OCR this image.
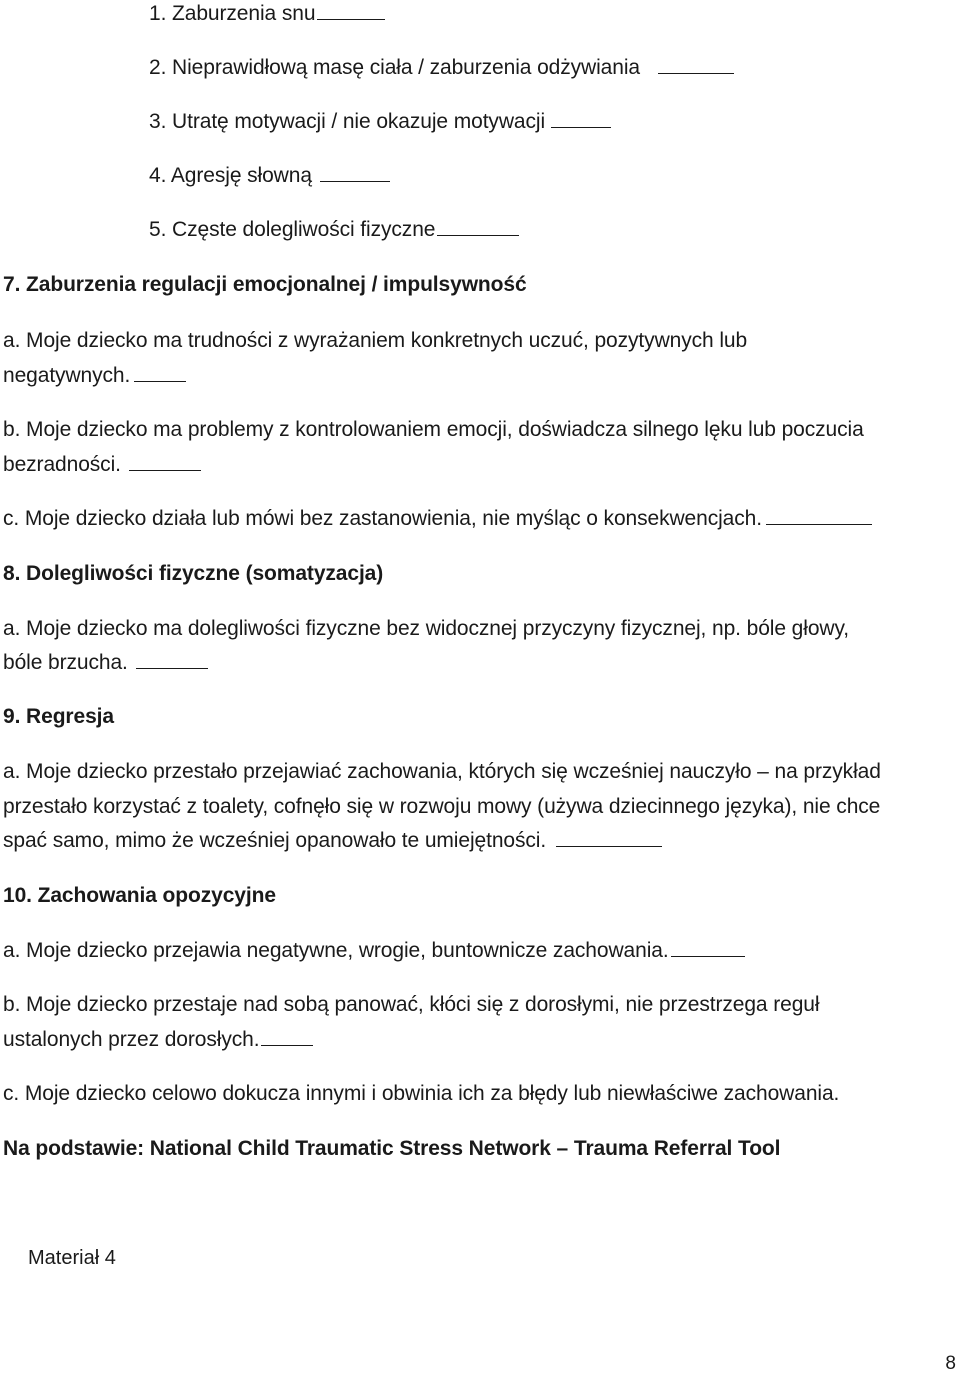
1. Zaburzenia snu
2. Nieprawidłową masę ciała / zaburzenia odżywiania
3. Utratę motywacji / nie okazuje motywacji
4. Agresję słowną
5. Częste dolegliwości fizyczne
7. Zaburzenia regulacji emocjonalnej / impulsywność
a. Moje dziecko ma trudności z wyrażaniem konkretnych uczuć, pozytywnych lub
negatywnych.
b. Moje dziecko ma problemy z kontrolowaniem emocji, doświadcza silnego lęku lub poczucia
bezradności.
c. Moje dziecko działa lub mówi bez zastanowienia, nie myśląc o konsekwencjach.
8. Dolegliwości fizyczne (somatyzacja)
a. Moje dziecko ma dolegliwości fizyczne bez widocznej przyczyny fizycznej, np. bóle głowy,
bóle brzucha.
9. Regresja
a. Moje dziecko przestało przejawiać zachowania, których się wcześniej nauczyło – na przykład
przestało korzystać z toalety, cofnęło się w rozwoju mowy (używa dziecinnego języka), nie chce
spać samo, mimo że wcześniej opanowało te umiejętności.
10. Zachowania opozycyjne
a. Moje dziecko przejawia negatywne, wrogie, buntownicze zachowania.
b. Moje dziecko przestaje nad sobą panować, kłóci się z dorosłymi, nie przestrzega reguł
ustalonych przez dorosłych.
c. Moje dziecko celowo dokucza innymi i obwinia ich za błędy lub niewłaściwe zachowania.
Na podstawie: National Child Traumatic Stress Network – Trauma Referral Tool
Materiał 4
8
